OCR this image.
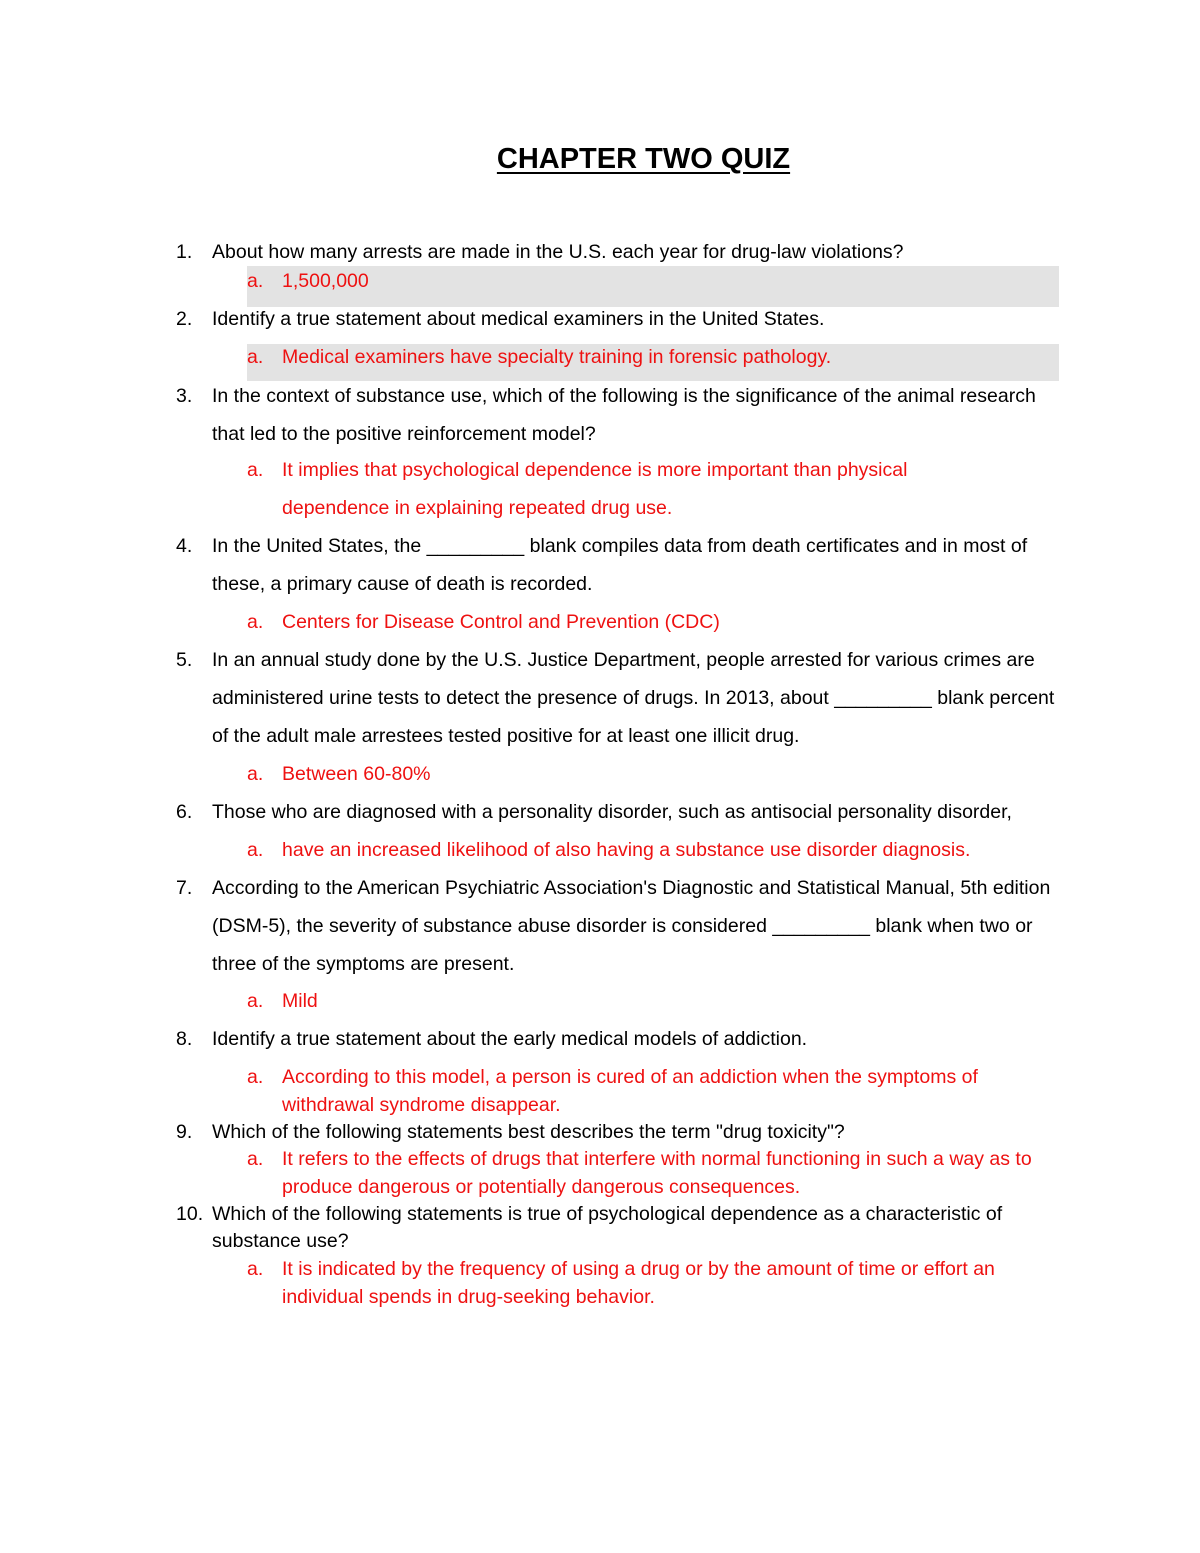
CHAPTER TWO QUIZ
1. About how many arrests are made in the U.S. each year for drug-law violations?
a. 1,500,000
2. Identify a true statement about medical examiners in the United States.
a. Medical examiners have specialty training in forensic pathology.
3. In the context of substance use, which of the following is the significance of the animal research that led to the positive reinforcement model?
a. It implies that psychological dependence is more important than physical dependence in explaining repeated drug use.
4. In the United States, the _________ blank compiles data from death certificates and in most of these, a primary cause of death is recorded.
a. Centers for Disease Control and Prevention (CDC)
5. In an annual study done by the U.S. Justice Department, people arrested for various crimes are administered urine tests to detect the presence of drugs. In 2013, about _________ blank percent of the adult male arrestees tested positive for at least one illicit drug.
a. Between 60-80%
6. Those who are diagnosed with a personality disorder, such as antisocial personality disorder,
a. have an increased likelihood of also having a substance use disorder diagnosis.
7. According to the American Psychiatric Association's Diagnostic and Statistical Manual, 5th edition (DSM-5), the severity of substance abuse disorder is considered _________ blank when two or three of the symptoms are present.
a. Mild
8. Identify a true statement about the early medical models of addiction.
a. According to this model, a person is cured of an addiction when the symptoms of withdrawal syndrome disappear.
9. Which of the following statements best describes the term "drug toxicity"?
a. It refers to the effects of drugs that interfere with normal functioning in such a way as to produce dangerous or potentially dangerous consequences.
10. Which of the following statements is true of psychological dependence as a characteristic of substance use?
a. It is indicated by the frequency of using a drug or by the amount of time or effort an individual spends in drug-seeking behavior.
